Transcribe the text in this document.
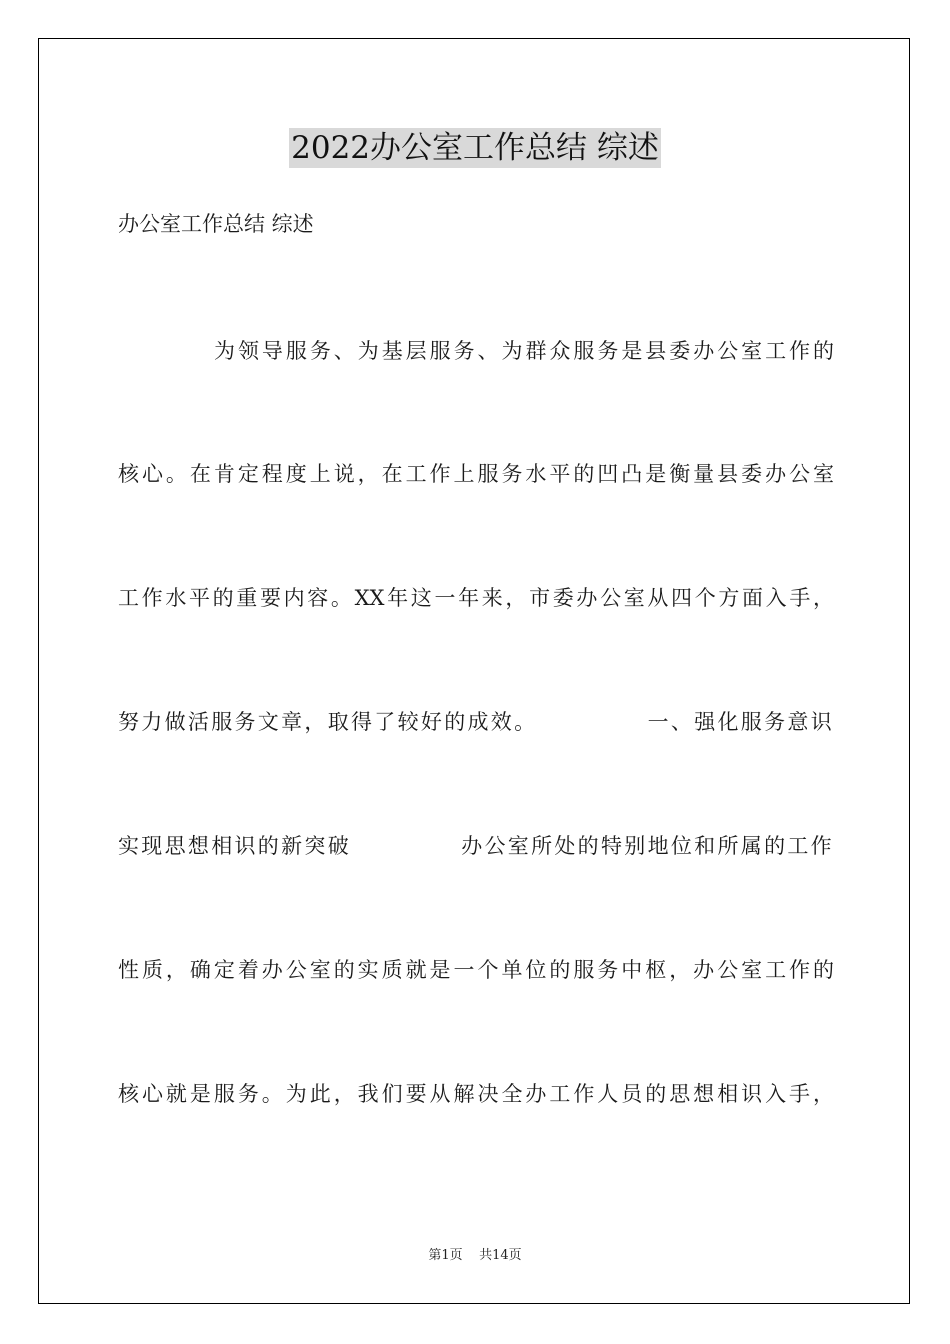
2022办公室工作总结 综述
办公室工作总结 综述
为领导服务、为基层服务、为群众服务是县委办公室工作的
核心。在肯定程度上说，在工作上服务水平的凹凸是衡量县委办公室
工作水平的重要内容。XX年这一年来，市委办公室从四个方面入手，
努力做活服务文章，取得了较好的成效。	一、强化服务意识
实现思想相识的新突破	办公室所处的特别地位和所属的工作
性质，确定着办公室的实质就是一个单位的服务中枢，办公室工作的
核心就是服务。为此，我们要从解决全办工作人员的思想相识入手，
第1页    共14页
